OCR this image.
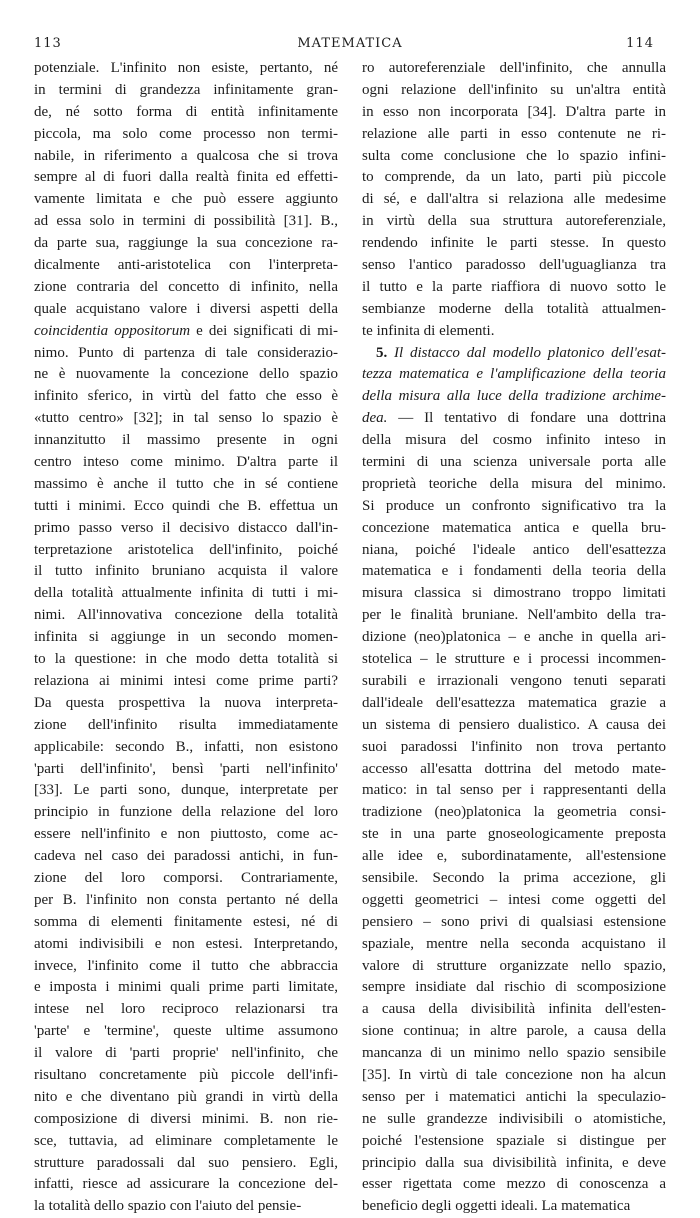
113	MATEMATICA	114
potenziale. L'infinito non esiste, pertanto, né
in termini di grandezza infinitamente gran-
de, né sotto forma di entità infinitamente
piccola, ma solo come processo non termi-
nabile, in riferimento a qualcosa che si trova
sempre al di fuori dalla realtà finita ed effetti-
vamente limitata e che può essere aggiunto
ad essa solo in termini di possibilità [31]. B.,
da parte sua, raggiunge la sua concezione ra-
dicalmente anti-aristotelica con l'interpreta-
zione contraria del concetto di infinito, nella
quale acquistano valore i diversi aspetti della
coincidentia oppositorum e dei significati di mi-
nimo. Punto di partenza di tale considerazio-
ne è nuovamente la concezione dello spazio
infinito sferico, in virtù del fatto che esso è
«tutto centro» [32]; in tal senso lo spazio è
innanzitutto il massimo presente in ogni
centro inteso come minimo. D'altra parte il
massimo è anche il tutto che in sé contiene
tutti i minimi. Ecco quindi che B. effettua un
primo passo verso il decisivo distacco dall'in-
terpretazione aristotelica dell'infinito, poiché
il tutto infinito bruniano acquista il valore
della totalità attualmente infinita di tutti i mi-
nimi. All'innovativa concezione della totalità
infinita si aggiunge in un secondo momen-
to la questione: in che modo detta totalità si
relaziona ai minimi intesi come prime parti?
Da questa prospettiva la nuova interpreta-
zione dell'infinito risulta immediatamente
applicabile: secondo B., infatti, non esistono
'parti dell'infinito', bensì 'parti nell'infinito'
[33]. Le parti sono, dunque, interpretate per
principio in funzione della relazione del loro
essere nell'infinito e non piuttosto, come ac-
cadeva nel caso dei paradossi antichi, in fun-
zione del loro comporsi. Contrariamente,
per B. l'infinito non consta pertanto né della
somma di elementi finitamente estesi, né di
atomi indivisibili e non estesi. Interpretando,
invece, l'infinito come il tutto che abbraccia
e imposta i minimi quali prime parti limitate,
intese nel loro reciproco relazionarsi tra
'parte' e 'termine', queste ultime assumono
il valore di 'parti proprie' nell'infinito, che
risultano concretamente più piccole dell'infi-
nito e che diventano più grandi in virtù della
composizione di diversi minimi. B. non rie-
sce, tuttavia, ad eliminare completamente le
strutture paradossali dal suo pensiero. Egli,
infatti, riesce ad assicurare la concezione del-
la totalità dello spazio con l'aiuto del pensie-
ro autoreferenziale dell'infinito, che annulla
ogni relazione dell'infinito su un'altra entità
in esso non incorporata [34]. D'altra parte in
relazione alle parti in esso contenute ne ri-
sulta come conclusione che lo spazio infini-
to comprende, da un lato, parti più piccole
di sé, e dall'altra si relaziona alle medesime
in virtù della sua struttura autoreferenziale,
rendendo infinite le parti stesse. In questo
senso l'antico paradosso dell'uguaglianza tra
il tutto e la parte riaffiora di nuovo sotto le
sembianze moderne della totalità attualmen-
te infinita di elementi.
5. Il distacco dal modello platonico dell'esat-
tezza matematica e l'amplificazione della teoria
della misura alla luce della tradizione archime-
dea. — Il tentativo di fondare una dottrina
della misura del cosmo infinito inteso in
termini di una scienza universale porta alle
proprietà teoriche della misura del minimo.
Si produce un confronto significativo tra la
concezione matematica antica e quella bru-
niana, poiché l'ideale antico dell'esattezza
matematica e i fondamenti della teoria della
misura classica si dimostrano troppo limitati
per le finalità bruniane. Nell'ambito della tra-
dizione (neo)platonica – e anche in quella ari-
stotelica – le strutture e i processi incommen-
surabili e irrazionali vengono tenuti separati
dall'ideale dell'esattezza matematica grazie a
un sistema di pensiero dualistico. A causa dei
suoi paradossi l'infinito non trova pertanto
accesso all'esatta dottrina del metodo mate-
matico: in tal senso per i rappresentanti della
tradizione (neo)platonica la geometria consi-
ste in una parte gnoseologicamente preposta
alle idee e, subordinatamente, all'estensione
sensibile. Secondo la prima accezione, gli
oggetti geometrici – intesi come oggetti del
pensiero – sono privi di qualsiasi estensione
spaziale, mentre nella seconda acquistano il
valore di strutture organizzate nello spazio,
sempre insidiate dal rischio di scomposizione
a causa della divisibilità infinita dell'esten-
sione continua; in altre parole, a causa della
mancanza di un minimo nello spazio sensibile
[35]. In virtù di tale concezione non ha alcun
senso per i matematici antichi la speculazio-
ne sulle grandezze indivisibili o atomistiche,
poiché l'estensione spaziale si distingue per
principio dalla sua divisibilità infinita, e deve
esser rigettata come mezzo di conoscenza a
beneficio degli oggetti ideali. La matematica
